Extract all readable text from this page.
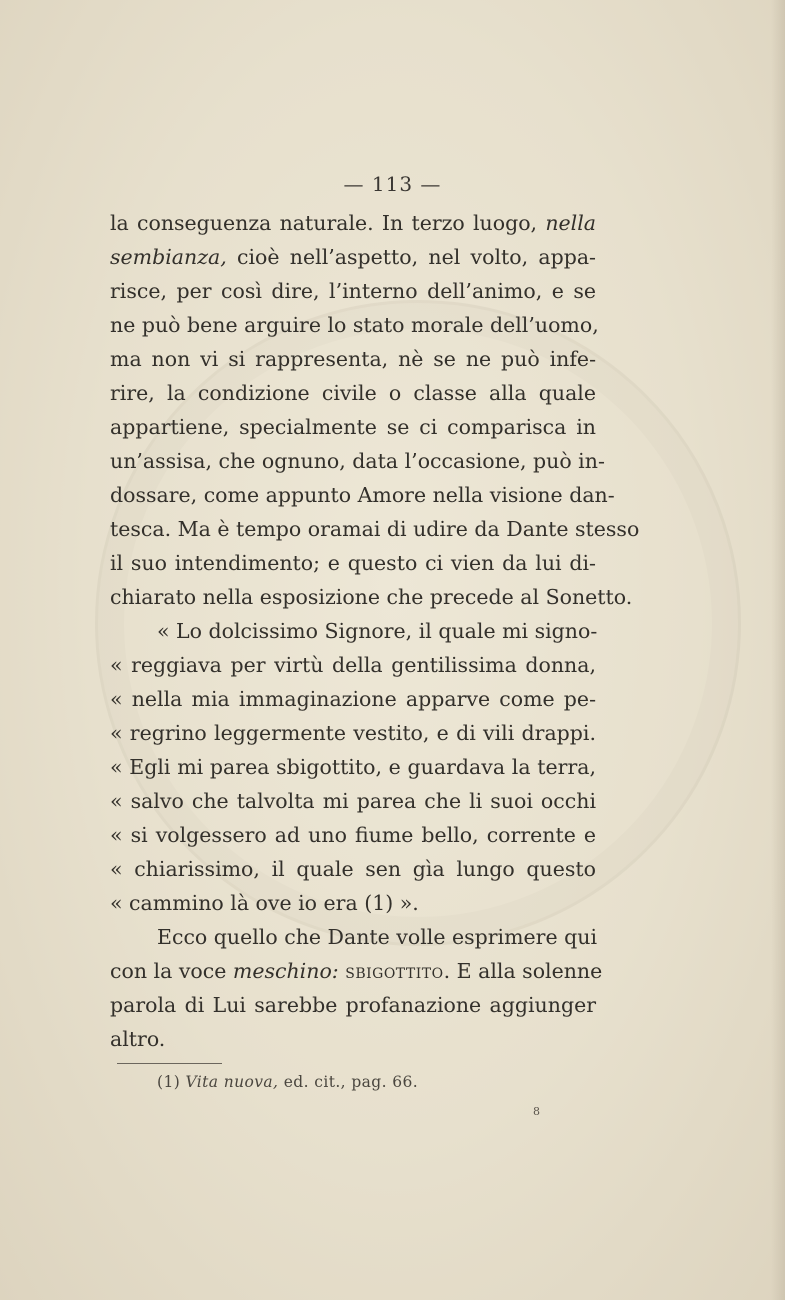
— 113 —
la conseguenza naturale. In terzo luogo, nella
sembianza, cioè nell’aspetto, nel volto, appa-
risce, per così dire, l’interno dell’animo, e se
ne può bene arguire lo stato morale dell’uomo,
ma non vi si rappresenta, nè se ne può infe-
rire, la condizione civile o classe alla quale
appartiene, specialmente se ci comparisca in
un’assisa, che ognuno, data l’occasione, può in-
dossare, come appunto Amore nella visione dan-
tesca. Ma è tempo oramai di udire da Dante stesso
il suo intendimento; e questo ci vien da lui di-
chiarato nella esposizione che precede al Sonetto.
« Lo dolcissimo Signore, il quale mi signo-
« reggiava per virtù della gentilissima donna,
« nella mia immaginazione apparve come pe-
« regrino leggermente vestito, e di vili drappi.
« Egli mi parea sbigottito, e guardava la terra,
« salvo che talvolta mi parea che li suoi occhi
« si volgessero ad uno fiume bello, corrente e
« chiarissimo, il quale sen gìa lungo questo
« cammino là ove io era (1) ».
Ecco quello che Dante volle esprimere qui
con la voce meschino: sbigottito. E alla solenne
parola di Lui sarebbe profanazione aggiunger
altro.
(1) Vita nuova, ed. cit., pag. 66.
8
